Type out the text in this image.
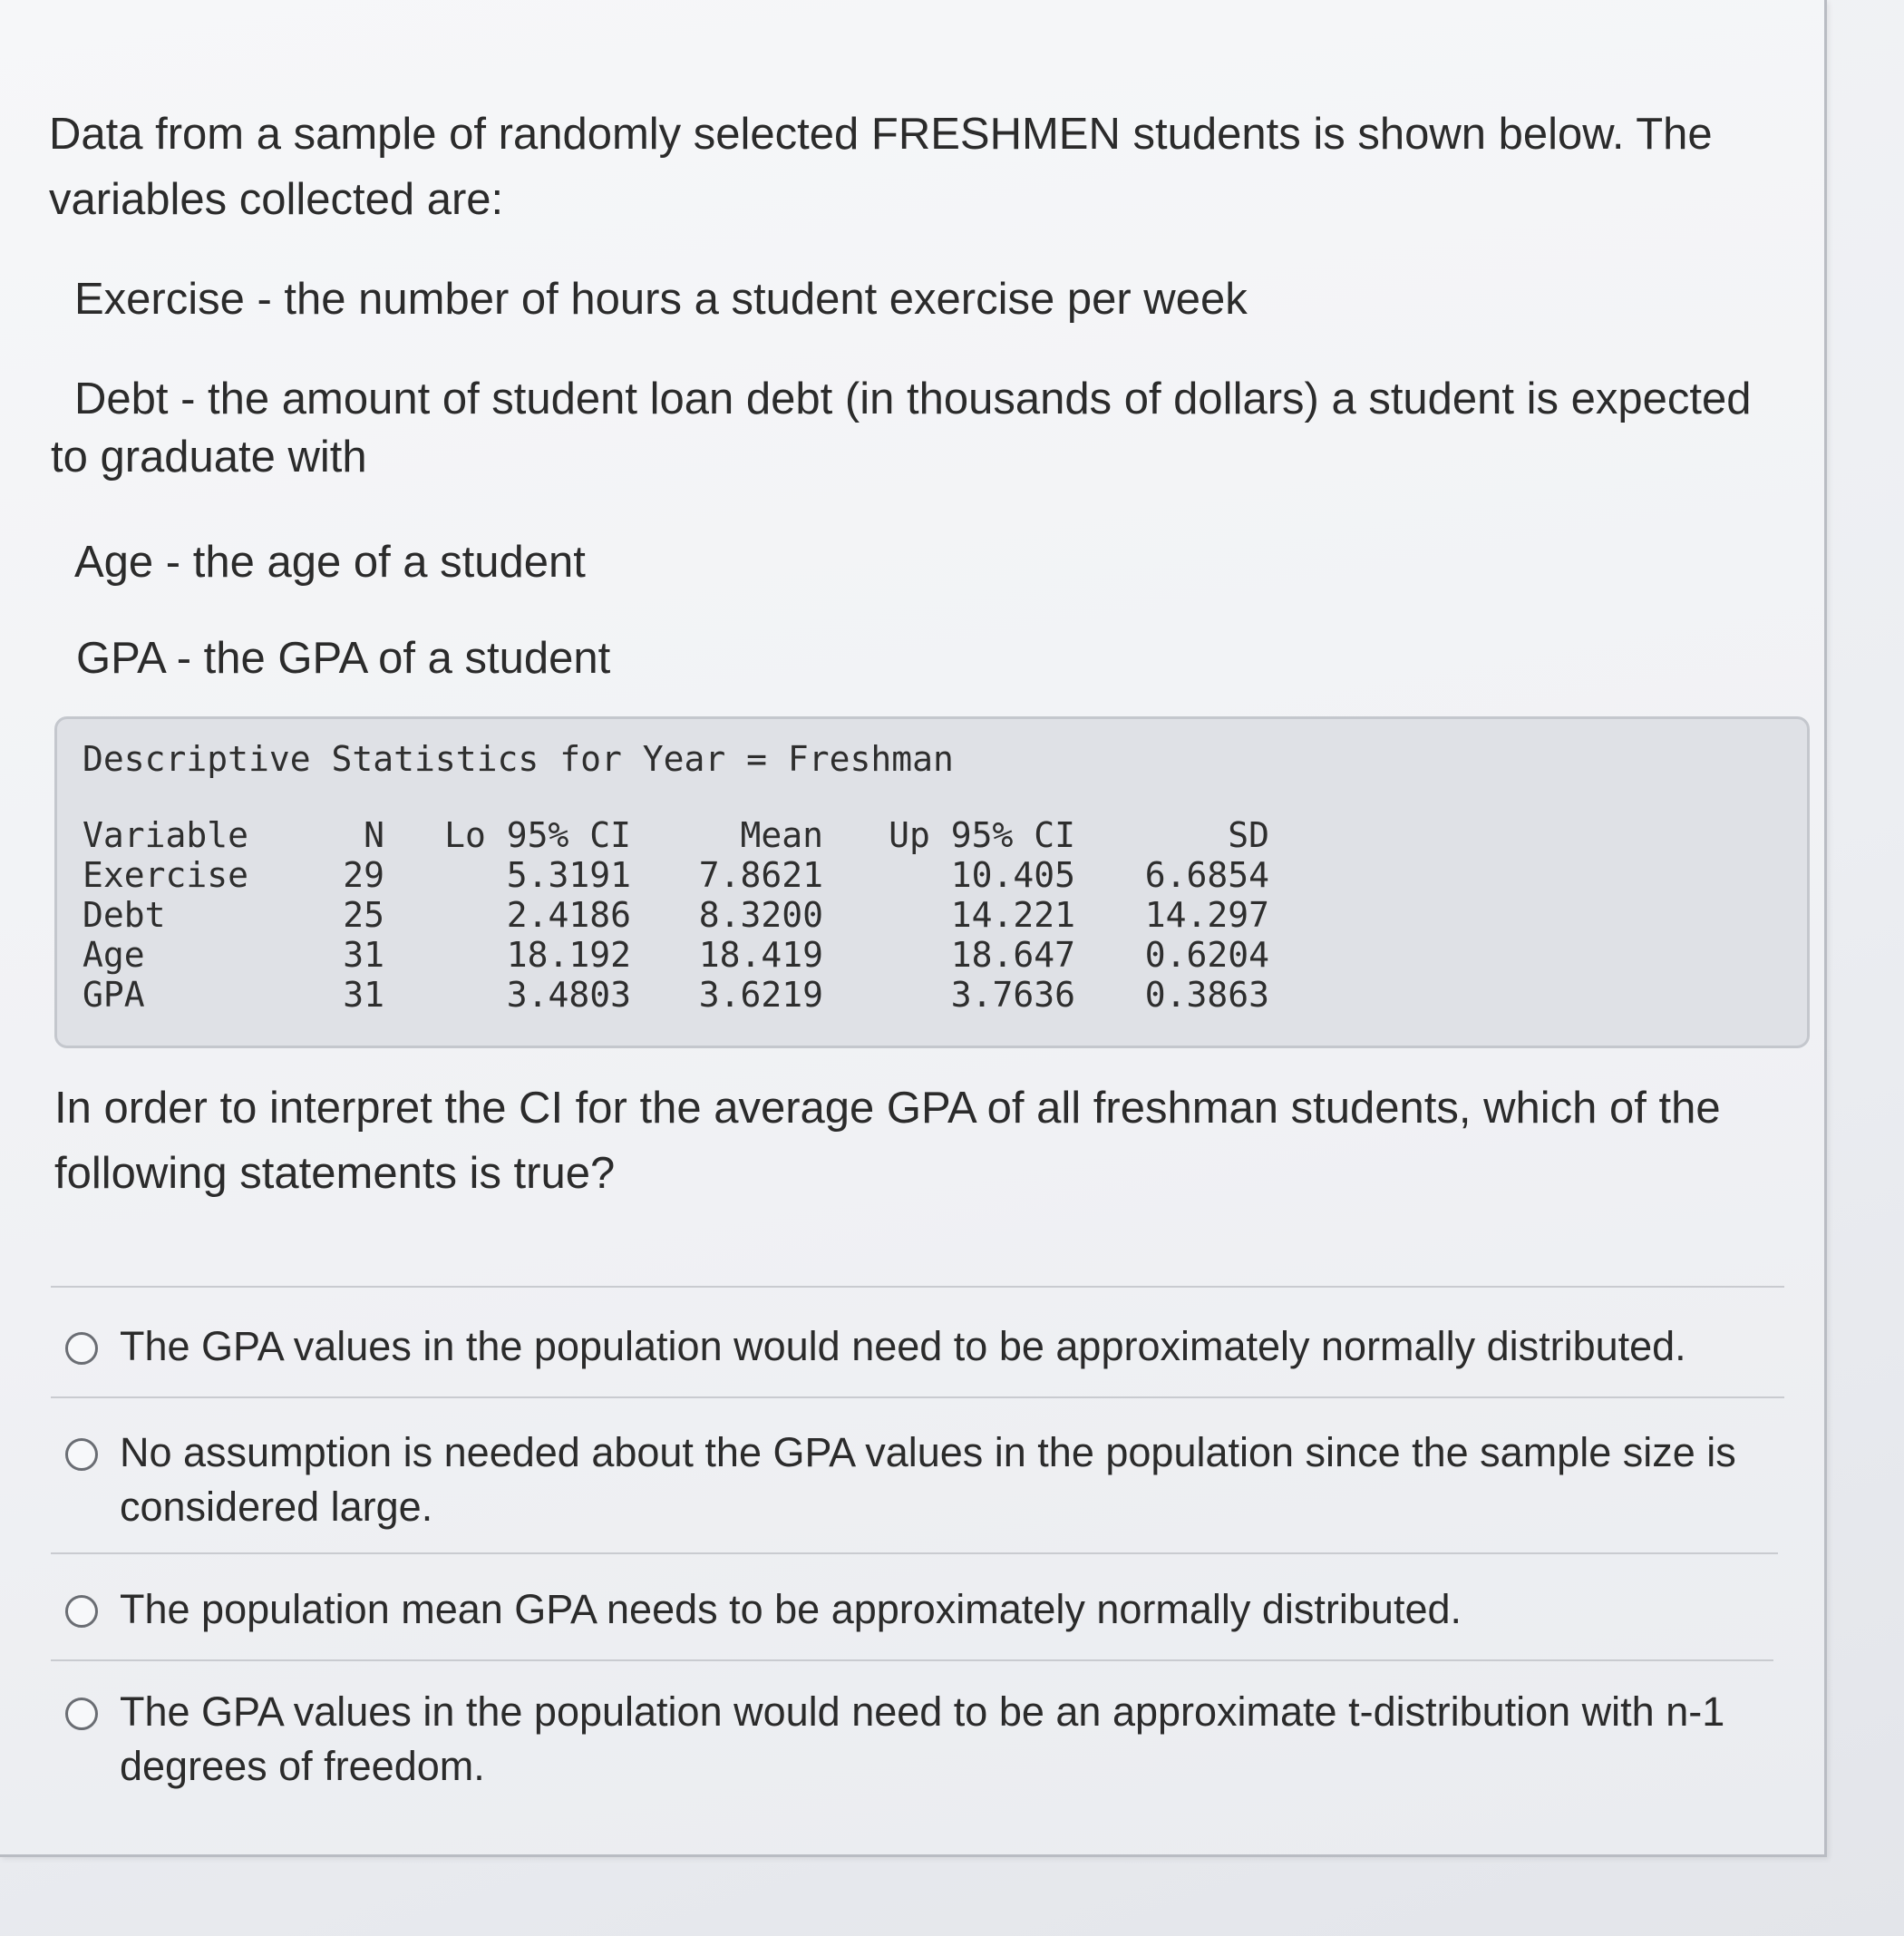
Data from a sample of randomly selected FRESHMEN students is shown below. The variables collected are:

Exercise - the number of hours a student exercise per week

Debt - the amount of student loan debt (in thousands of dollars) a student is expected to graduate with

Age - the age of a student

GPA - the GPA of a student

Descriptive Statistics for Year = Freshman

Variable	N	Lo 95% CI	Mean	Up 95% CI	SD
Exercise	29	5.3191	7.8621	10.405	6.6854
Debt	25	2.4186	8.3200	14.221	14.297
Age	31	18.192	18.419	18.647	0.6204
GPA	31	3.4803	3.6219	3.7636	0.3863

In order to interpret the CI for the average GPA of all freshman students, which of the following statements is true?

The GPA values in the population would need to be approximately normally distributed.
No assumption is needed about the GPA values in the population since the sample size is considered large.
The population mean GPA needs to be approximately normally distributed.
The GPA values in the population would need to be an approximate t-distribution with n-1 degrees of freedom.
